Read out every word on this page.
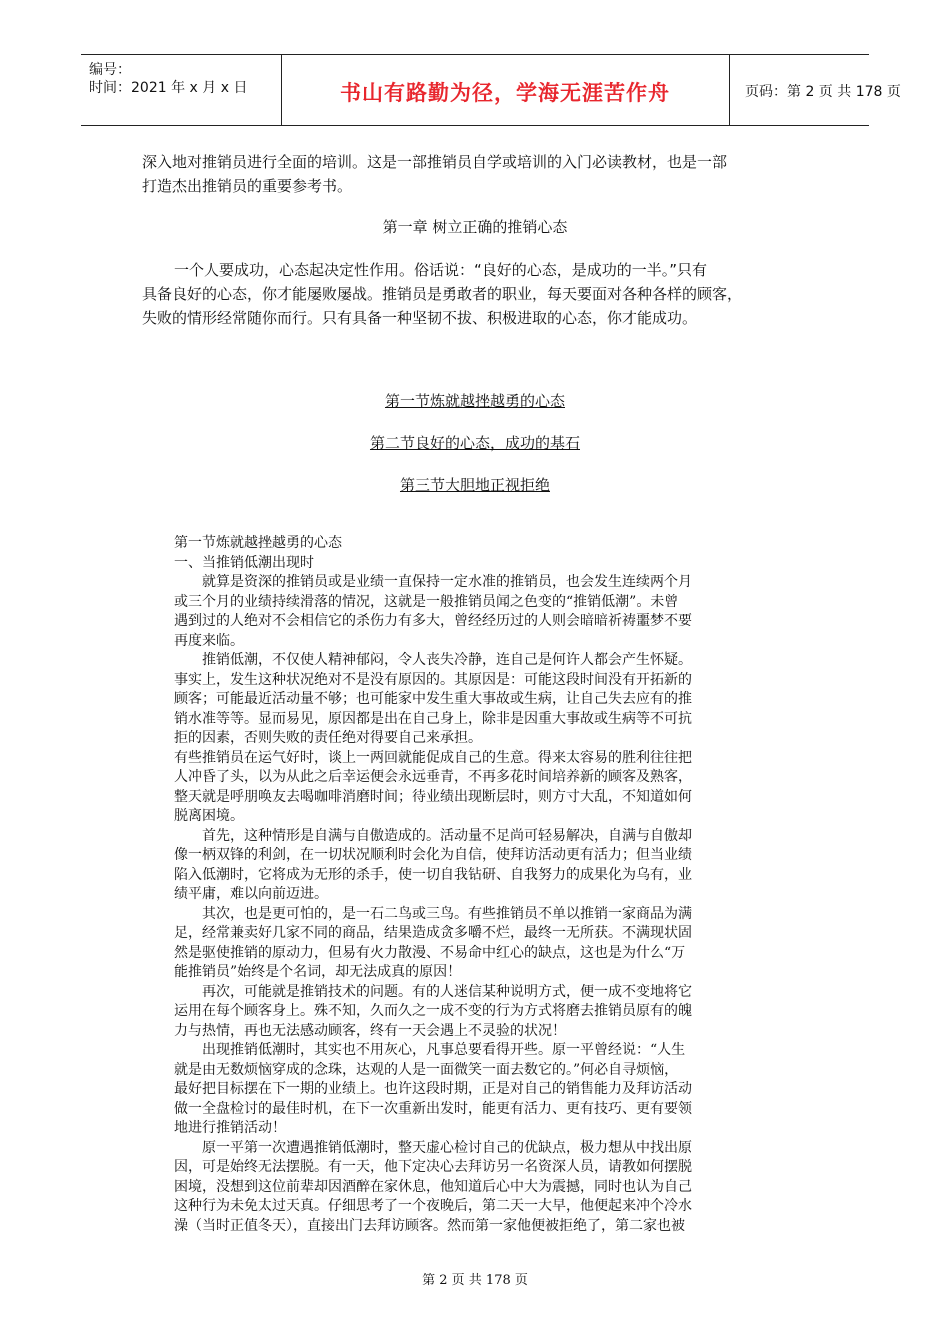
编号：
时间：2021 年 x 月 x 日	书山有路勤为径，学海无涯苦作舟	页码：第 2 页 共 178 页
深入地对推销员进行全面的培训。这是一部推销员自学或培训的入门必读教材，也是一部
打造杰出推销员的重要参考书。
第一章 树立正确的推销心态
一个人要成功，心态起决定性作用。俗话说：“良好的心态，是成功的一半。”只有
具备良好的心态，你才能屡败屡战。推销员是勇敢者的职业，每天要面对各种各样的顾客，
失败的情形经常随你而行。只有具备一种坚韧不拔、积极进取的心态，你才能成功。
第一节炼就越挫越勇的心态
第二节良好的心态，成功的基石
第三节大胆地正视拒绝
第一节炼就越挫越勇的心态
一、当推销低潮出现时
　　就算是资深的推销员或是业绩一直保持一定水准的推销员，也会发生连续两个月
或三个月的业绩持续滑落的情况，这就是一般推销员闻之色变的“推销低潮”。未曾
遇到过的人绝对不会相信它的杀伤力有多大，曾经经历过的人则会暗暗祈祷噩梦不要
再度来临。
　　推销低潮，不仅使人精神郁闷，令人丧失冷静，连自己是何许人都会产生怀疑。
事实上，发生这种状况绝对不是没有原因的。其原因是：可能这段时间没有开拓新的
顾客；可能最近活动量不够；也可能家中发生重大事故或生病，让自己失去应有的推
销水准等等。显而易见，原因都是出在自己身上，除非是因重大事故或生病等不可抗
拒的因素，否则失败的责任绝对得要自己来承担。
有些推销员在运气好时，谈上一两回就能促成自己的生意。得来太容易的胜利往往把
人冲昏了头，以为从此之后幸运便会永远垂青，不再多花时间培养新的顾客及熟客，
整天就是呼朋唤友去喝咖啡消磨时间；待业绩出现断层时，则方寸大乱，不知道如何
脱离困境。
　　首先，这种情形是自满与自傲造成的。活动量不足尚可轻易解决，自满与自傲却
像一柄双锋的利剑，在一切状况顺利时会化为自信，使拜访活动更有活力；但当业绩
陷入低潮时，它将成为无形的杀手，使一切自我钻研、自我努力的成果化为乌有，业
绩平庸，难以向前迈进。
　　其次，也是更可怕的，是一石二鸟或三鸟。有些推销员不单以推销一家商品为满
足，经常兼卖好几家不同的商品，结果造成贪多嚼不烂，最终一无所获。不满现状固
然是驱使推销的原动力，但易有火力散漫、不易命中红心的缺点，这也是为什么“万
能推销员”始终是个名词，却无法成真的原因！
　　再次，可能就是推销技术的问题。有的人迷信某种说明方式，便一成不变地将它
运用在每个顾客身上。殊不知，久而久之一成不变的行为方式将磨去推销员原有的魄
力与热情，再也无法感动顾客，终有一天会遇上不灵验的状况！
　　出现推销低潮时，其实也不用灰心，凡事总要看得开些。原一平曾经说：“人生
就是由无数烦恼穿成的念珠，达观的人是一面微笑一面去数它的。”何必自寻烦恼，
最好把目标摆在下一期的业绩上。也许这段时期，正是对自己的销售能力及拜访活动
做一全盘检讨的最佳时机，在下一次重新出发时，能更有活力、更有技巧、更有要领
地进行推销活动！
　　原一平第一次遭遇推销低潮时，整天虚心检讨自己的优缺点，极力想从中找出原
因，可是始终无法摆脱。有一天，他下定决心去拜访另一名资深人员，请教如何摆脱
困境，没想到这位前辈却因酒醉在家休息，他知道后心中大为震撼，同时也认为自己
这种行为未免太过天真。仔细思考了一个夜晚后，第二天一大早，他便起来冲个冷水
澡（当时正值冬天），直接出门去拜访顾客。然而第一家他便被拒绝了，第二家也被
第 2 页 共 178 页
